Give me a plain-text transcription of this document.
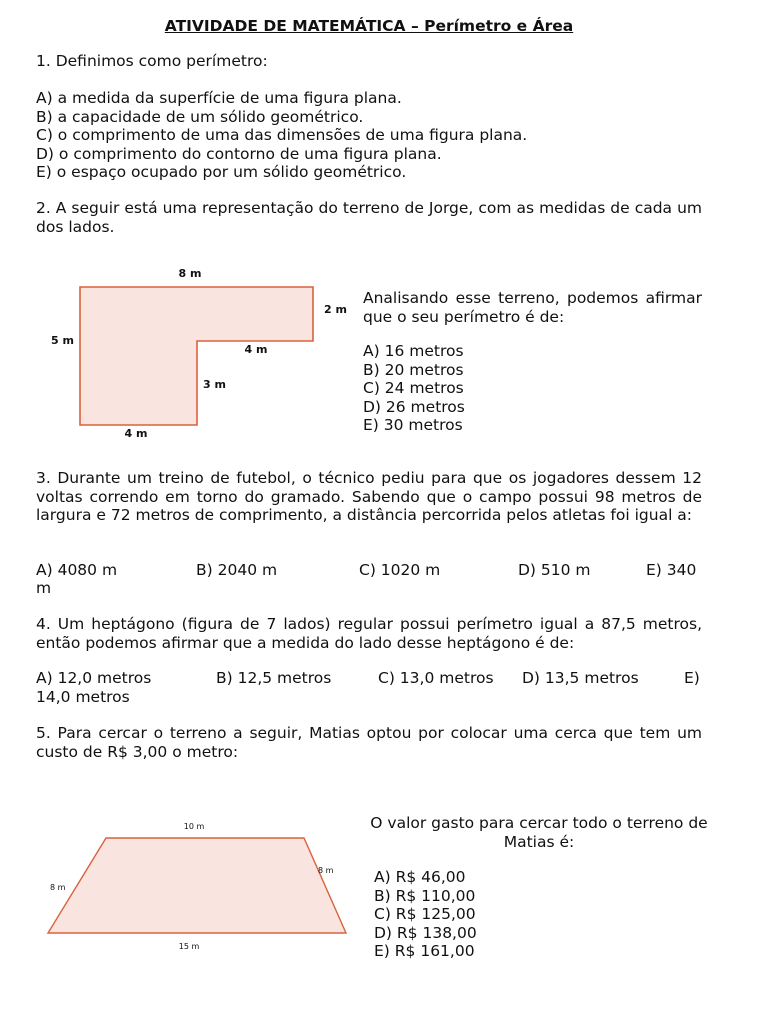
ATIVIDADE DE MATEMÁTICA – Perímetro e Área
1. Definimos como perímetro:
A) a medida da superfície de uma figura plana.
B) a capacidade de um sólido geométrico.
C) o comprimento de uma das dimensões de uma figura plana.
D) o comprimento do contorno de uma figura plana.
E) o espaço ocupado por um sólido geométrico.
2. A seguir está uma representação do terreno de Jorge, com as medidas de cada um dos lados.
8 m
2 m
5 m
4 m
3 m
4 m
Analisando esse terreno, podemos afirmar que o seu perímetro é de:
A) 16 metros
B) 20 metros
C) 24 metros
D) 26 metros
E) 30 metros
3. Durante um treino de futebol, o técnico pediu para que os jogadores dessem 12 voltas correndo em torno do gramado. Sabendo que o campo possui 98 metros de largura e 72 metros de comprimento, a distância percorrida pelos atletas foi igual a:
A) 4080 m	B) 2040 m	C) 1020 m	D) 510 m	E) 340
m
4. Um heptágono (figura de 7 lados) regular possui perímetro igual a 87,5 metros, então podemos afirmar que a medida do lado desse heptágono é de:
A) 12,0 metros	B) 12,5 metros	C) 13,0 metros D) 13,5 metros	E)
14,0 metros
5. Para cercar o terreno a seguir, Matias optou por colocar uma cerca que tem um custo de R$ 3,00 o metro:
10 m
8 m
8 m
15 m
O valor gasto para cercar todo o terreno de Matias é:
A) R$ 46,00
B) R$ 110,00
C) R$ 125,00
D) R$ 138,00
E) R$ 161,00
